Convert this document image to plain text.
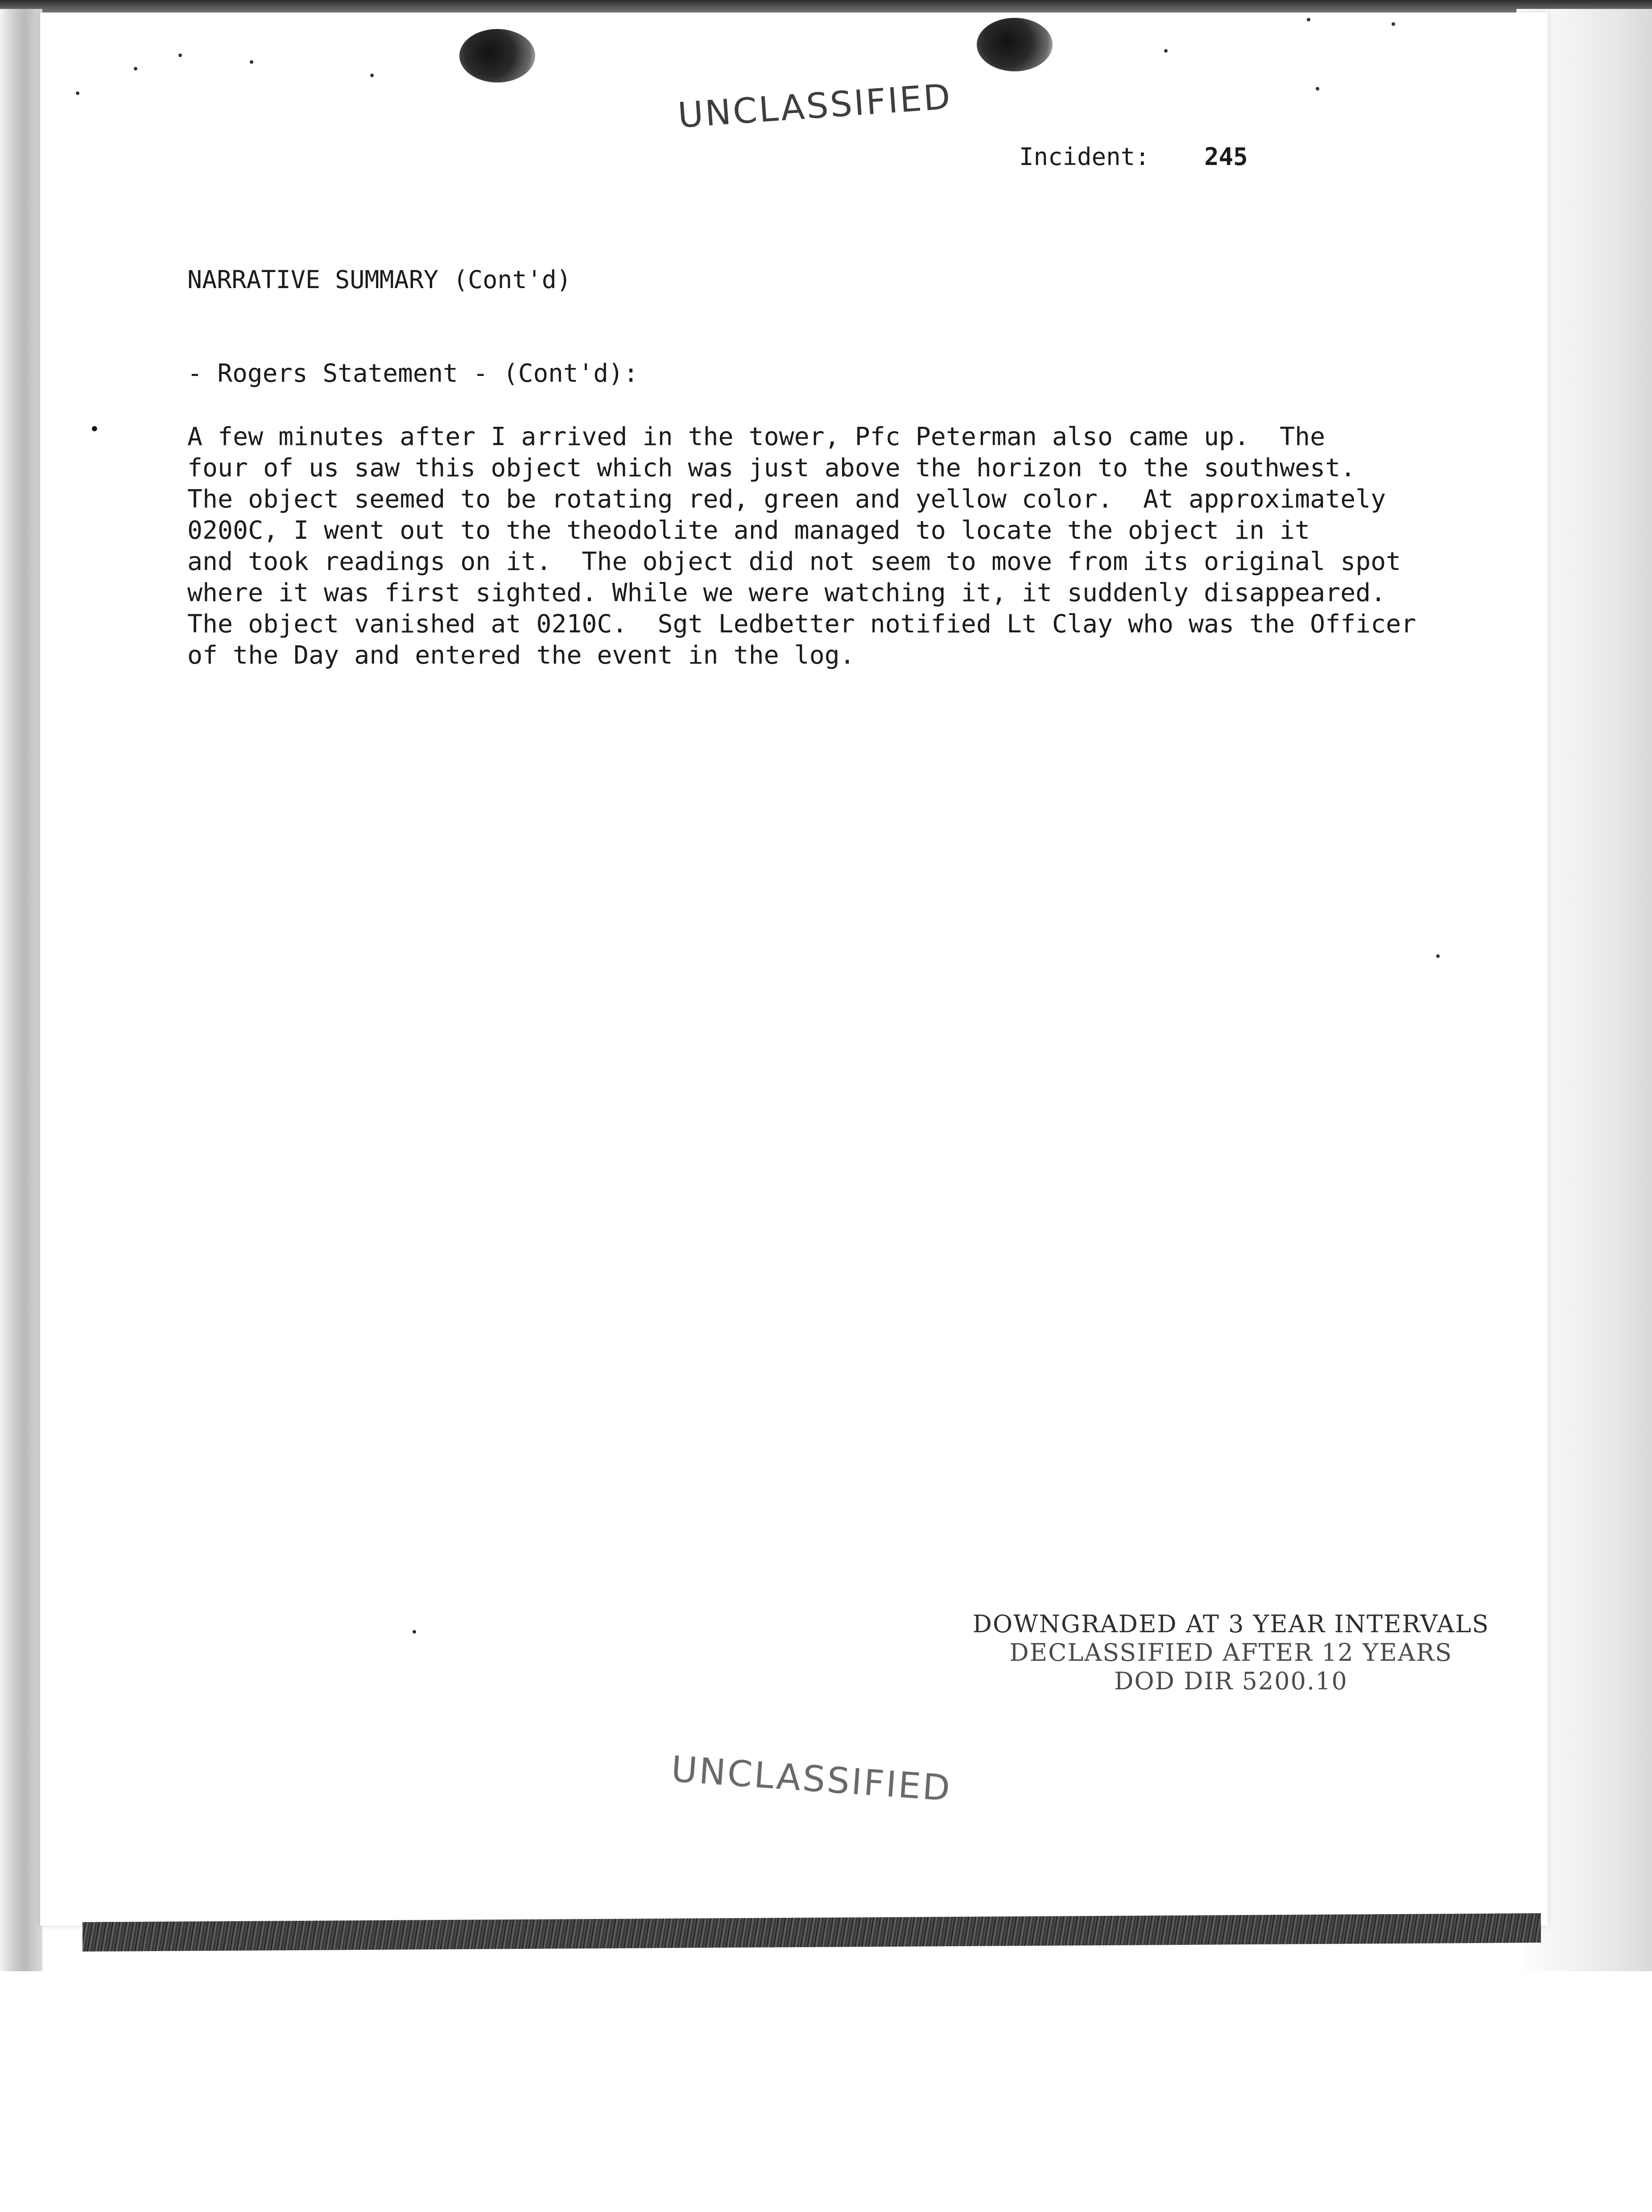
UNCLASSIFIED
Incident: 245
NARRATIVE SUMMARY (Cont'd)
- Rogers Statement - (Cont'd):
•	A few minutes after I arrived in the tower, Pfc Peterman also came up.  The
four of us saw this object which was just above the horizon to the southwest.
The object seemed to be rotating red, green and yellow color.  At approximately
0200C, I went out to the theodolite and managed to locate the object in it
and took readings on it.  The object did not seem to move from its original spot
where it was first sighted. While we were watching it, it suddenly disappeared.
The object vanished at 0210C.  Sgt Ledbetter notified Lt Clay who was the Officer
of the Day and entered the event in the log.
DOWNGRADED AT 3 YEAR INTERVALS
DECLASSIFIED AFTER 12 YEARS
DOD DIR 5200.10
UNCLASSIFIED
